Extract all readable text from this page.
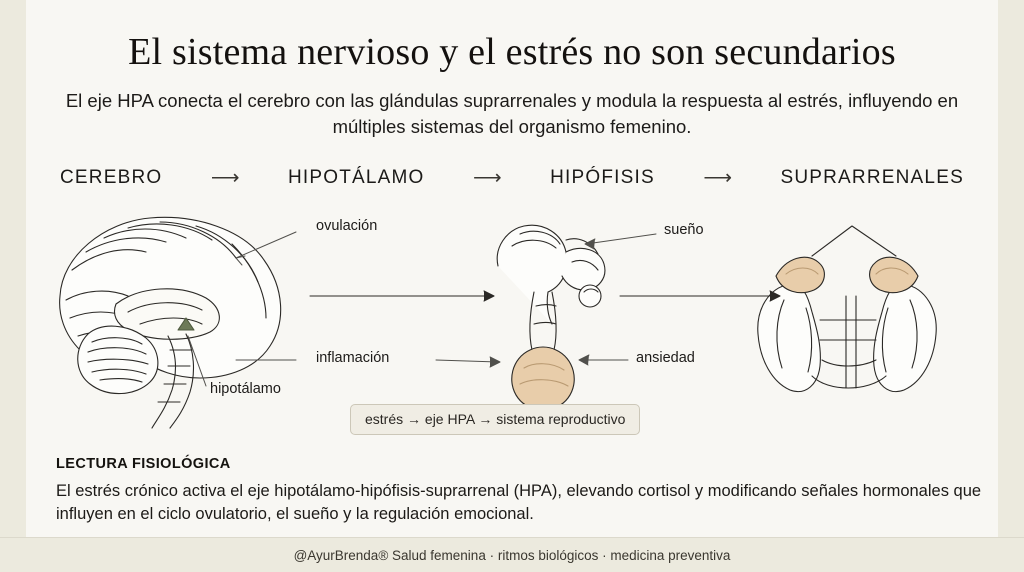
El sistema nervioso y el estrés no son secundarios
El eje HPA conecta el cerebro con las glándulas suprarrenales y modula la respuesta al estrés, influyendo en múltiples sistemas del organismo femenino.
CEREBRO ⟶	HIPOTÁLAMO ⟶	HIPÓFISIS ⟶	SUPRARRENALES
ovulación
inflamación
sueño
ansiedad
hipotálamo
estrés → eje HPA → sistema reproductivo
LECTURA FISIOLÓGICA
El estrés crónico activa el eje hipotálamo-hipófisis-suprarrenal (HPA), elevando cortisol y modificando señales hormonales que influyen en el ciclo ovulatorio, el sueño y la regulación emocional.
@AyurBrenda® Salud femenina · ritmos biológicos · medicina preventiva
